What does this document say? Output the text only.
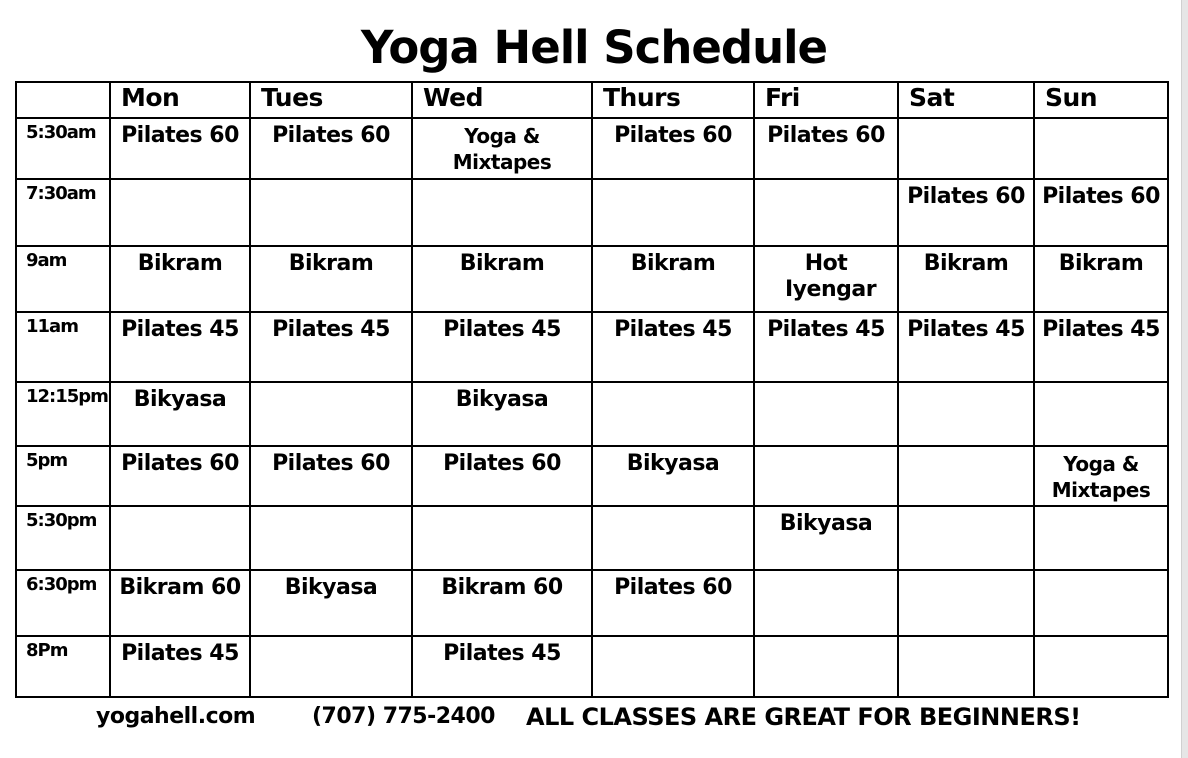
Yoga Hell Schedule
	Mon	Tues	Wed	Thurs	Fri	Sat	Sun
5:30am	Pilates 60	Pilates 60	Yoga & Mixtapes	Pilates 60	Pilates 60		
7:30am						Pilates 60	Pilates 60
9am	Bikram	Bikram	Bikram	Bikram	Hot Iyengar	Bikram	Bikram
11am	Pilates 45	Pilates 45	Pilates 45	Pilates 45	Pilates 45	Pilates 45	Pilates 45
12:15pm	Bikyasa		Bikyasa				
5pm	Pilates 60	Pilates 60	Pilates 60	Bikyasa			Yoga & Mixtapes
5:30pm					Bikyasa		
6:30pm	Bikram 60	Bikyasa	Bikram 60	Pilates 60			
8Pm	Pilates 45		Pilates 45				
yogahell.com	(707) 775-2400 ALL CLASSES ARE GREAT FOR BEGINNERS!
